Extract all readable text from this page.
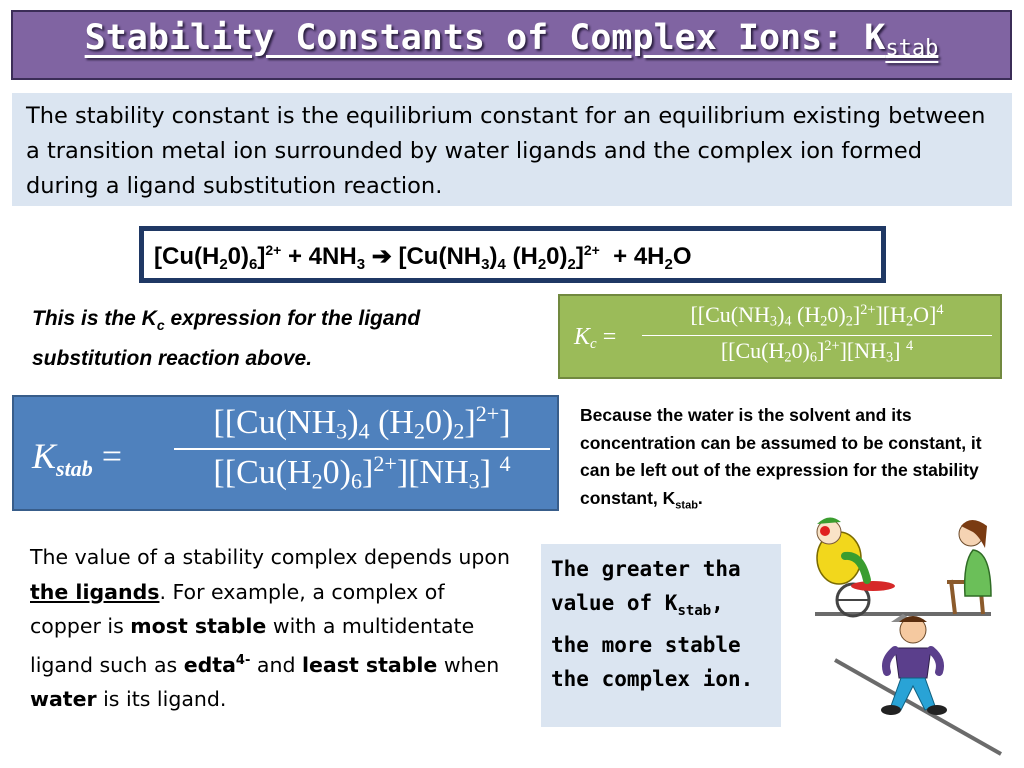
Stability Constants of Complex Ions: $K_{stab}$
The stability constant is the equilibrium constant for an equilibrium existing between a transition metal ion surrounded by water ligands and the complex ion formed during a ligand substitution reaction.
$[Cu(H_20)_6]^{2+} + 4NH_3$ ➔ [$Cu(NH_3)_4$ $(H_20)_2]^{2+} + 4H_2O$
This is the $K_c$ expression for the ligand substitution reaction above.
$K_c$ =
[[$Cu(NH_3)_4$ $(H_20)_2]^{2+}][H_2O]^4$
$[[Cu(H_20)_6]^{2+}][NH_3]$ $^4$
$K_{stab}$ =
[[$Cu(NH_3)_4$ $(H_20)_2]^{2+}$]
$[[Cu(H_20)_6]^{2+}][NH_3]$ $^4$
Because the water is the solvent and its concentration can be assumed to be constant, it can be left out of the expression for the stability constant, $K_{stab}$.
The value of a stability complex depends upon the ligands. For example, a complex of copper is most stable with a multidentate ligand such as edta$^{4-}$ and least stable when water is its ligand.
The greater tha value of $K_{stab}$, the more stable the complex ion.
